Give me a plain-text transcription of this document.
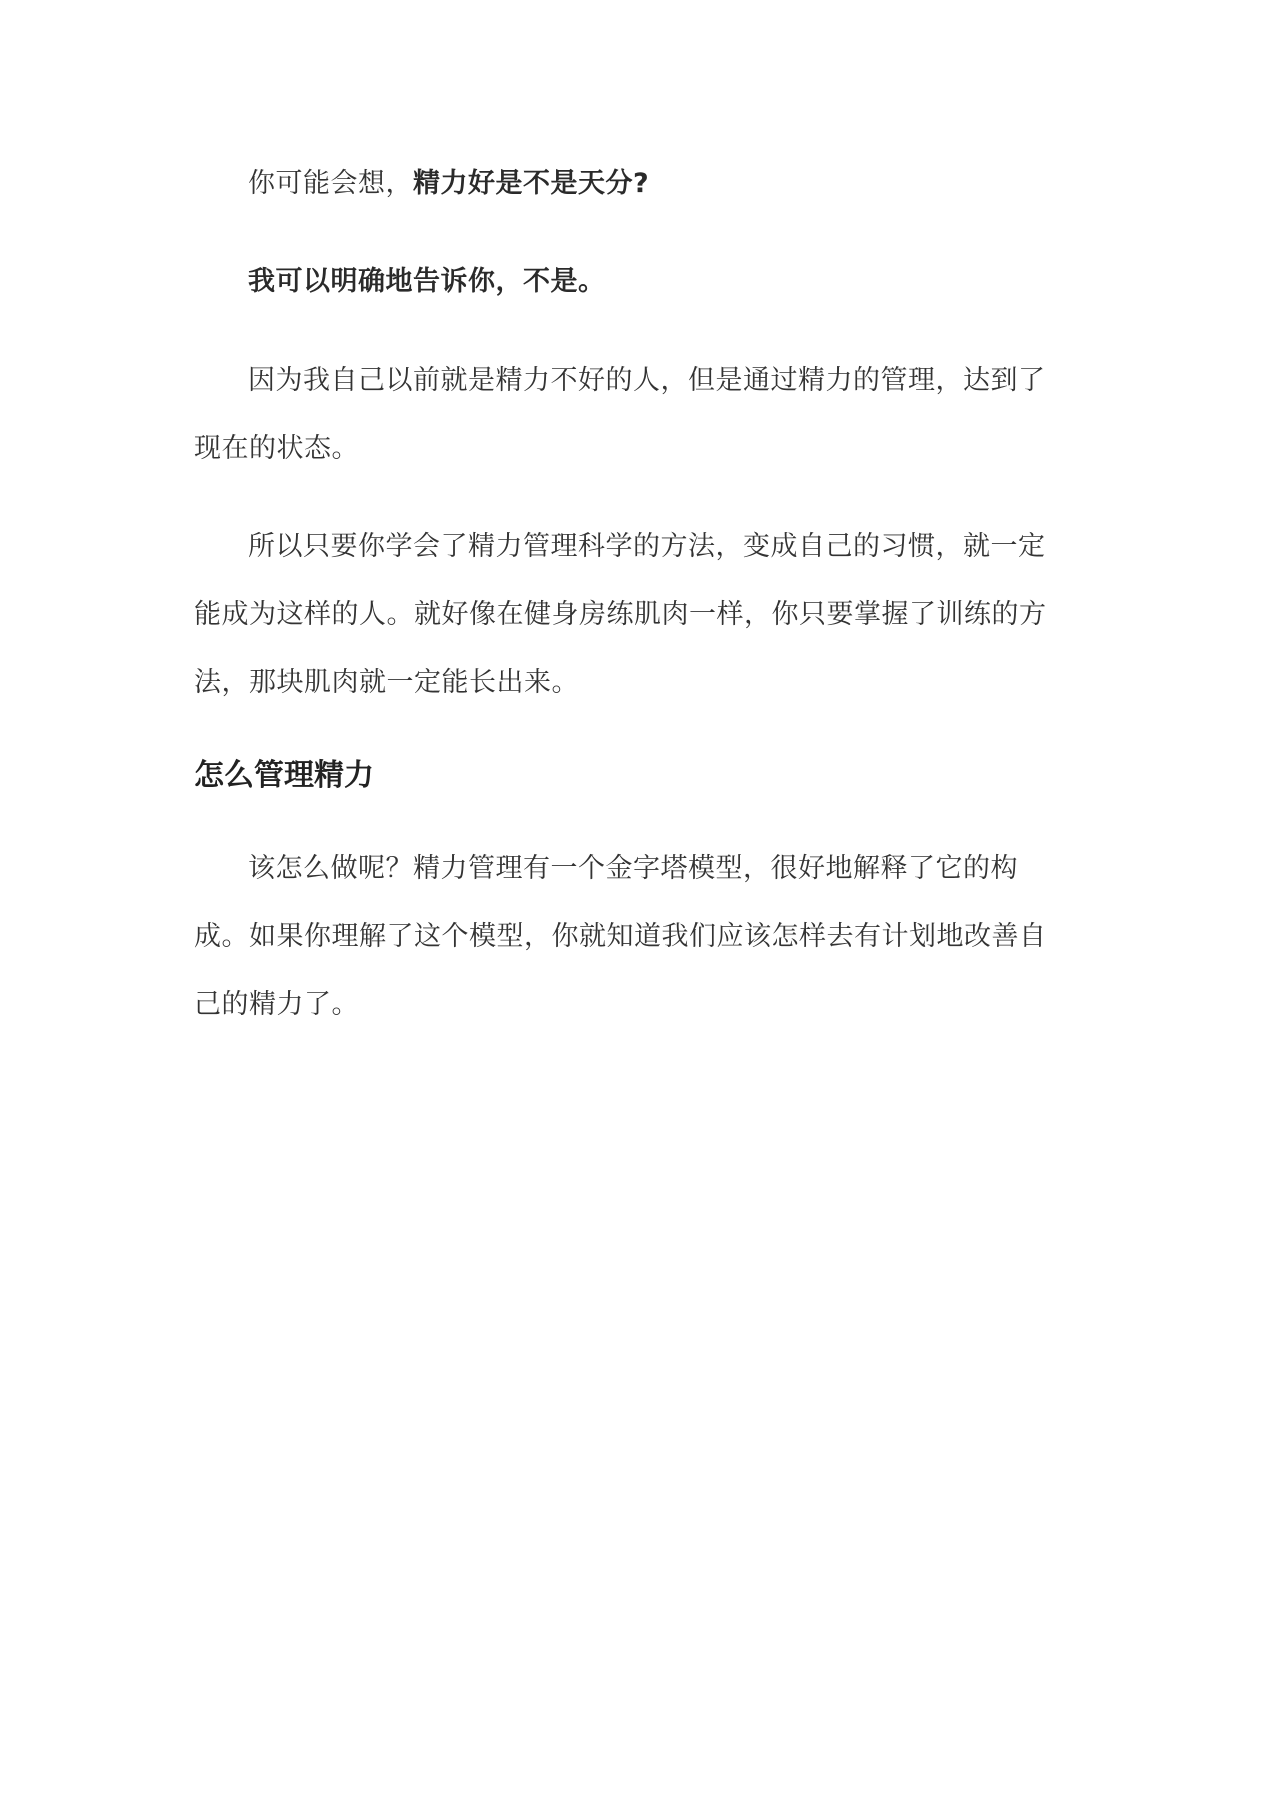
你可能会想，精力好是不是天分?

我可以明确地告诉你，不是。

因为我自己以前就是精力不好的人，但是通过精力的管理，达到了现在的状态。

所以只要你学会了精力管理科学的方法，变成自己的习惯，就一定能成为这样的人。就好像在健身房练肌肉一样，你只要掌握了训练的方法，那块肌肉就一定能长出来。

怎么管理精力

该怎么做呢？精力管理有一个金字塔模型，很好地解释了它的构成。如果你理解了这个模型，你就知道我们应该怎样去有计划地改善自己的精力了。
